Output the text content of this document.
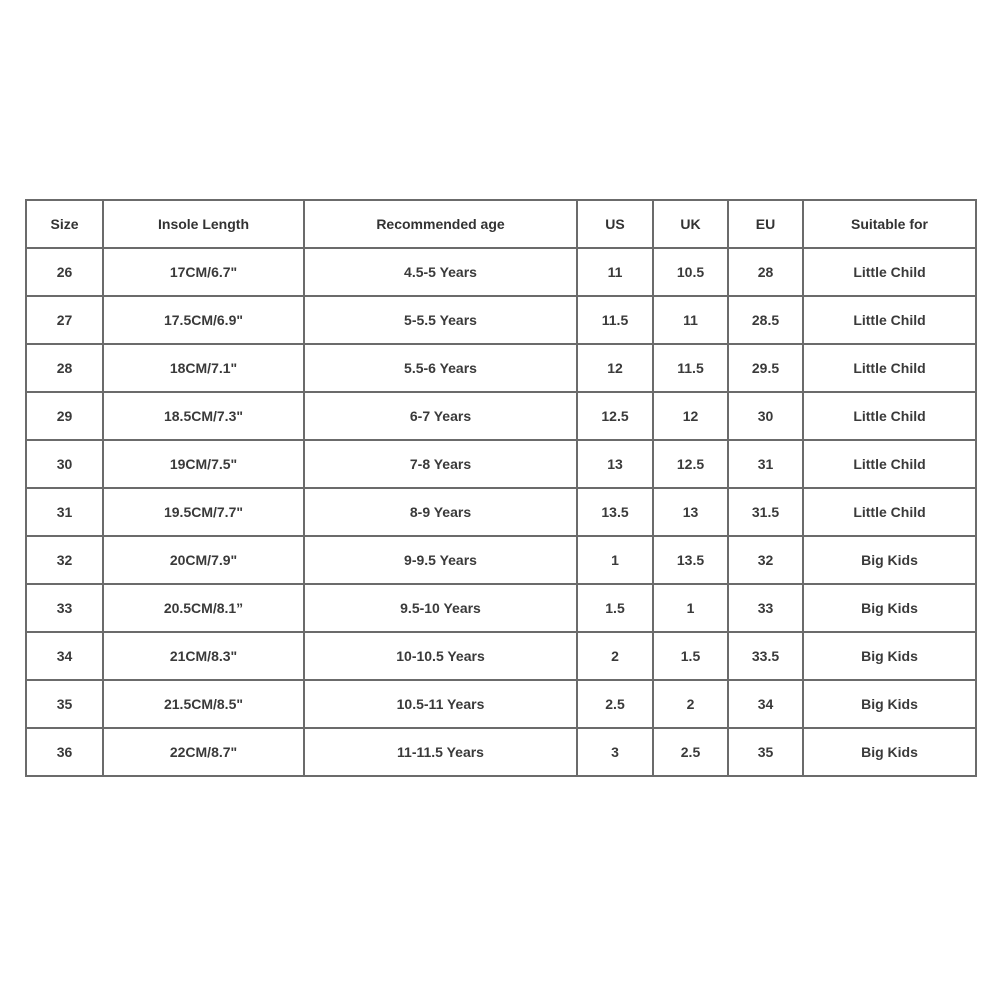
Size	Insole Length	Recommended age	US	UK	EU	Suitable for
26	17CM/6.7"	4.5-5 Years	11	10.5	28	Little Child
27	17.5CM/6.9"	5-5.5 Years	11.5	11	28.5	Little Child
28	18CM/7.1"	5.5-6 Years	12	11.5	29.5	Little Child
29	18.5CM/7.3"	6-7 Years	12.5	12	30	Little Child
30	19CM/7.5"	7-8 Years	13	12.5	31	Little Child
31	19.5CM/7.7"	8-9 Years	13.5	13	31.5	Little Child
32	20CM/7.9"	9-9.5 Years	1	13.5	32	Big Kids
33	20.5CM/8.1”	9.5-10 Years	1.5	1	33	Big Kids
34	21CM/8.3"	10-10.5 Years	2	1.5	33.5	Big Kids
35	21.5CM/8.5"	10.5-11 Years	2.5	2	34	Big Kids
36	22CM/8.7"	11-11.5 Years	3	2.5	35	Big Kids
